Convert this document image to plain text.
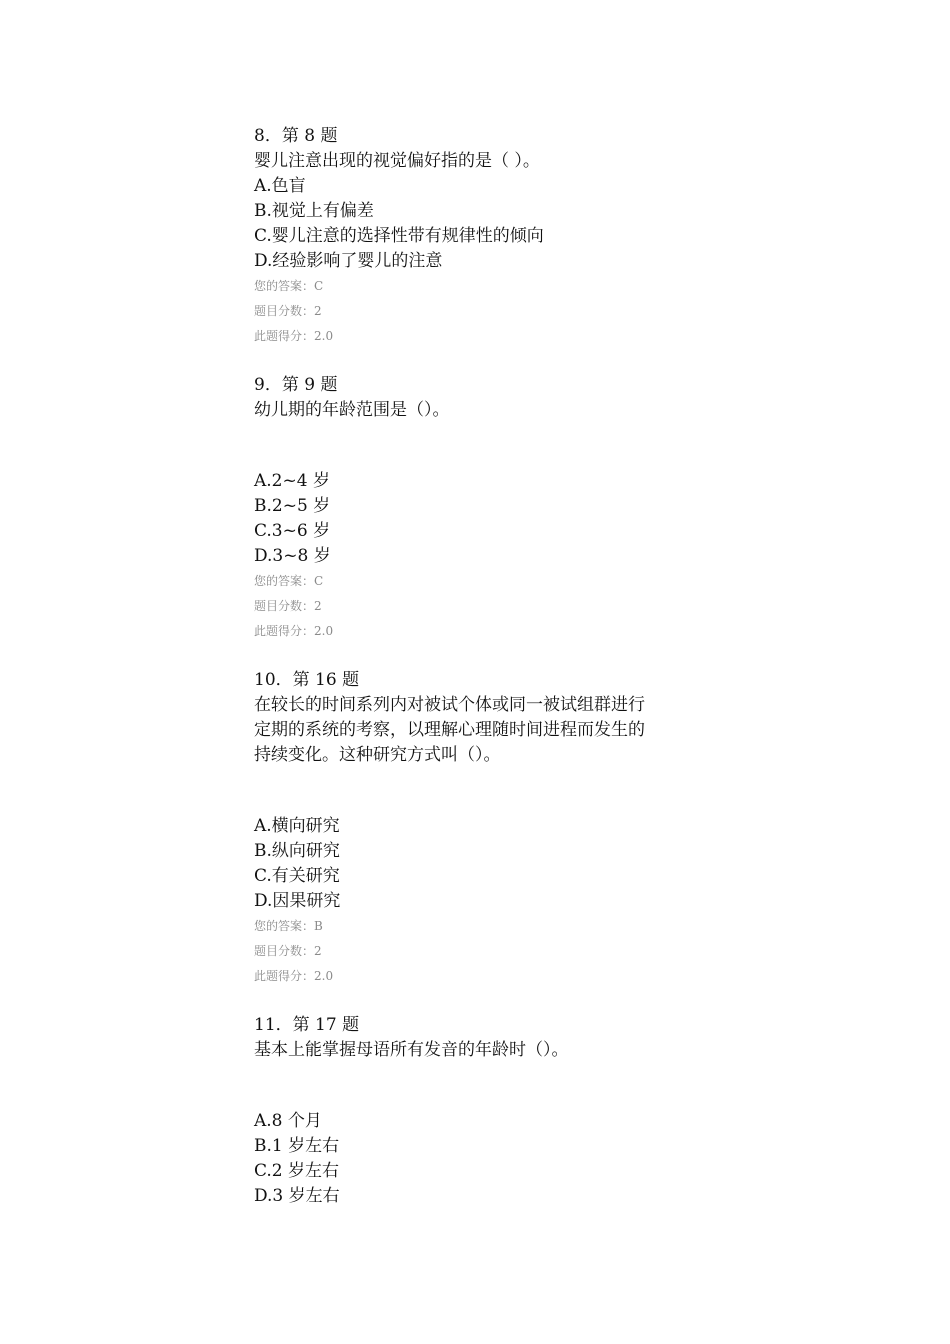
8．第 8 题
婴儿注意出现的视觉偏好指的是（ ）。
A.色盲
B.视觉上有偏差
C.婴儿注意的选择性带有规律性的倾向
D.经验影响了婴儿的注意
您的答案：C
题目分数：2
此题得分：2.0
9．第 9 题
幼儿期的年龄范围是（）。
A.2~4 岁
B.2~5 岁
C.3~6 岁
D.3~8 岁
您的答案：C
题目分数：2
此题得分：2.0
10．第 16 题
在较长的时间系列内对被试个体或同一被试组群进行
定期的系统的考察，以理解心理随时间进程而发生的
持续变化。这种研究方式叫（）。
A.横向研究
B.纵向研究
C.有关研究
D.因果研究
您的答案：B
题目分数：2
此题得分：2.0
11．第 17 题
基本上能掌握母语所有发音的年龄时（）。
A.8 个月
B.1 岁左右
C.2 岁左右
D.3 岁左右
